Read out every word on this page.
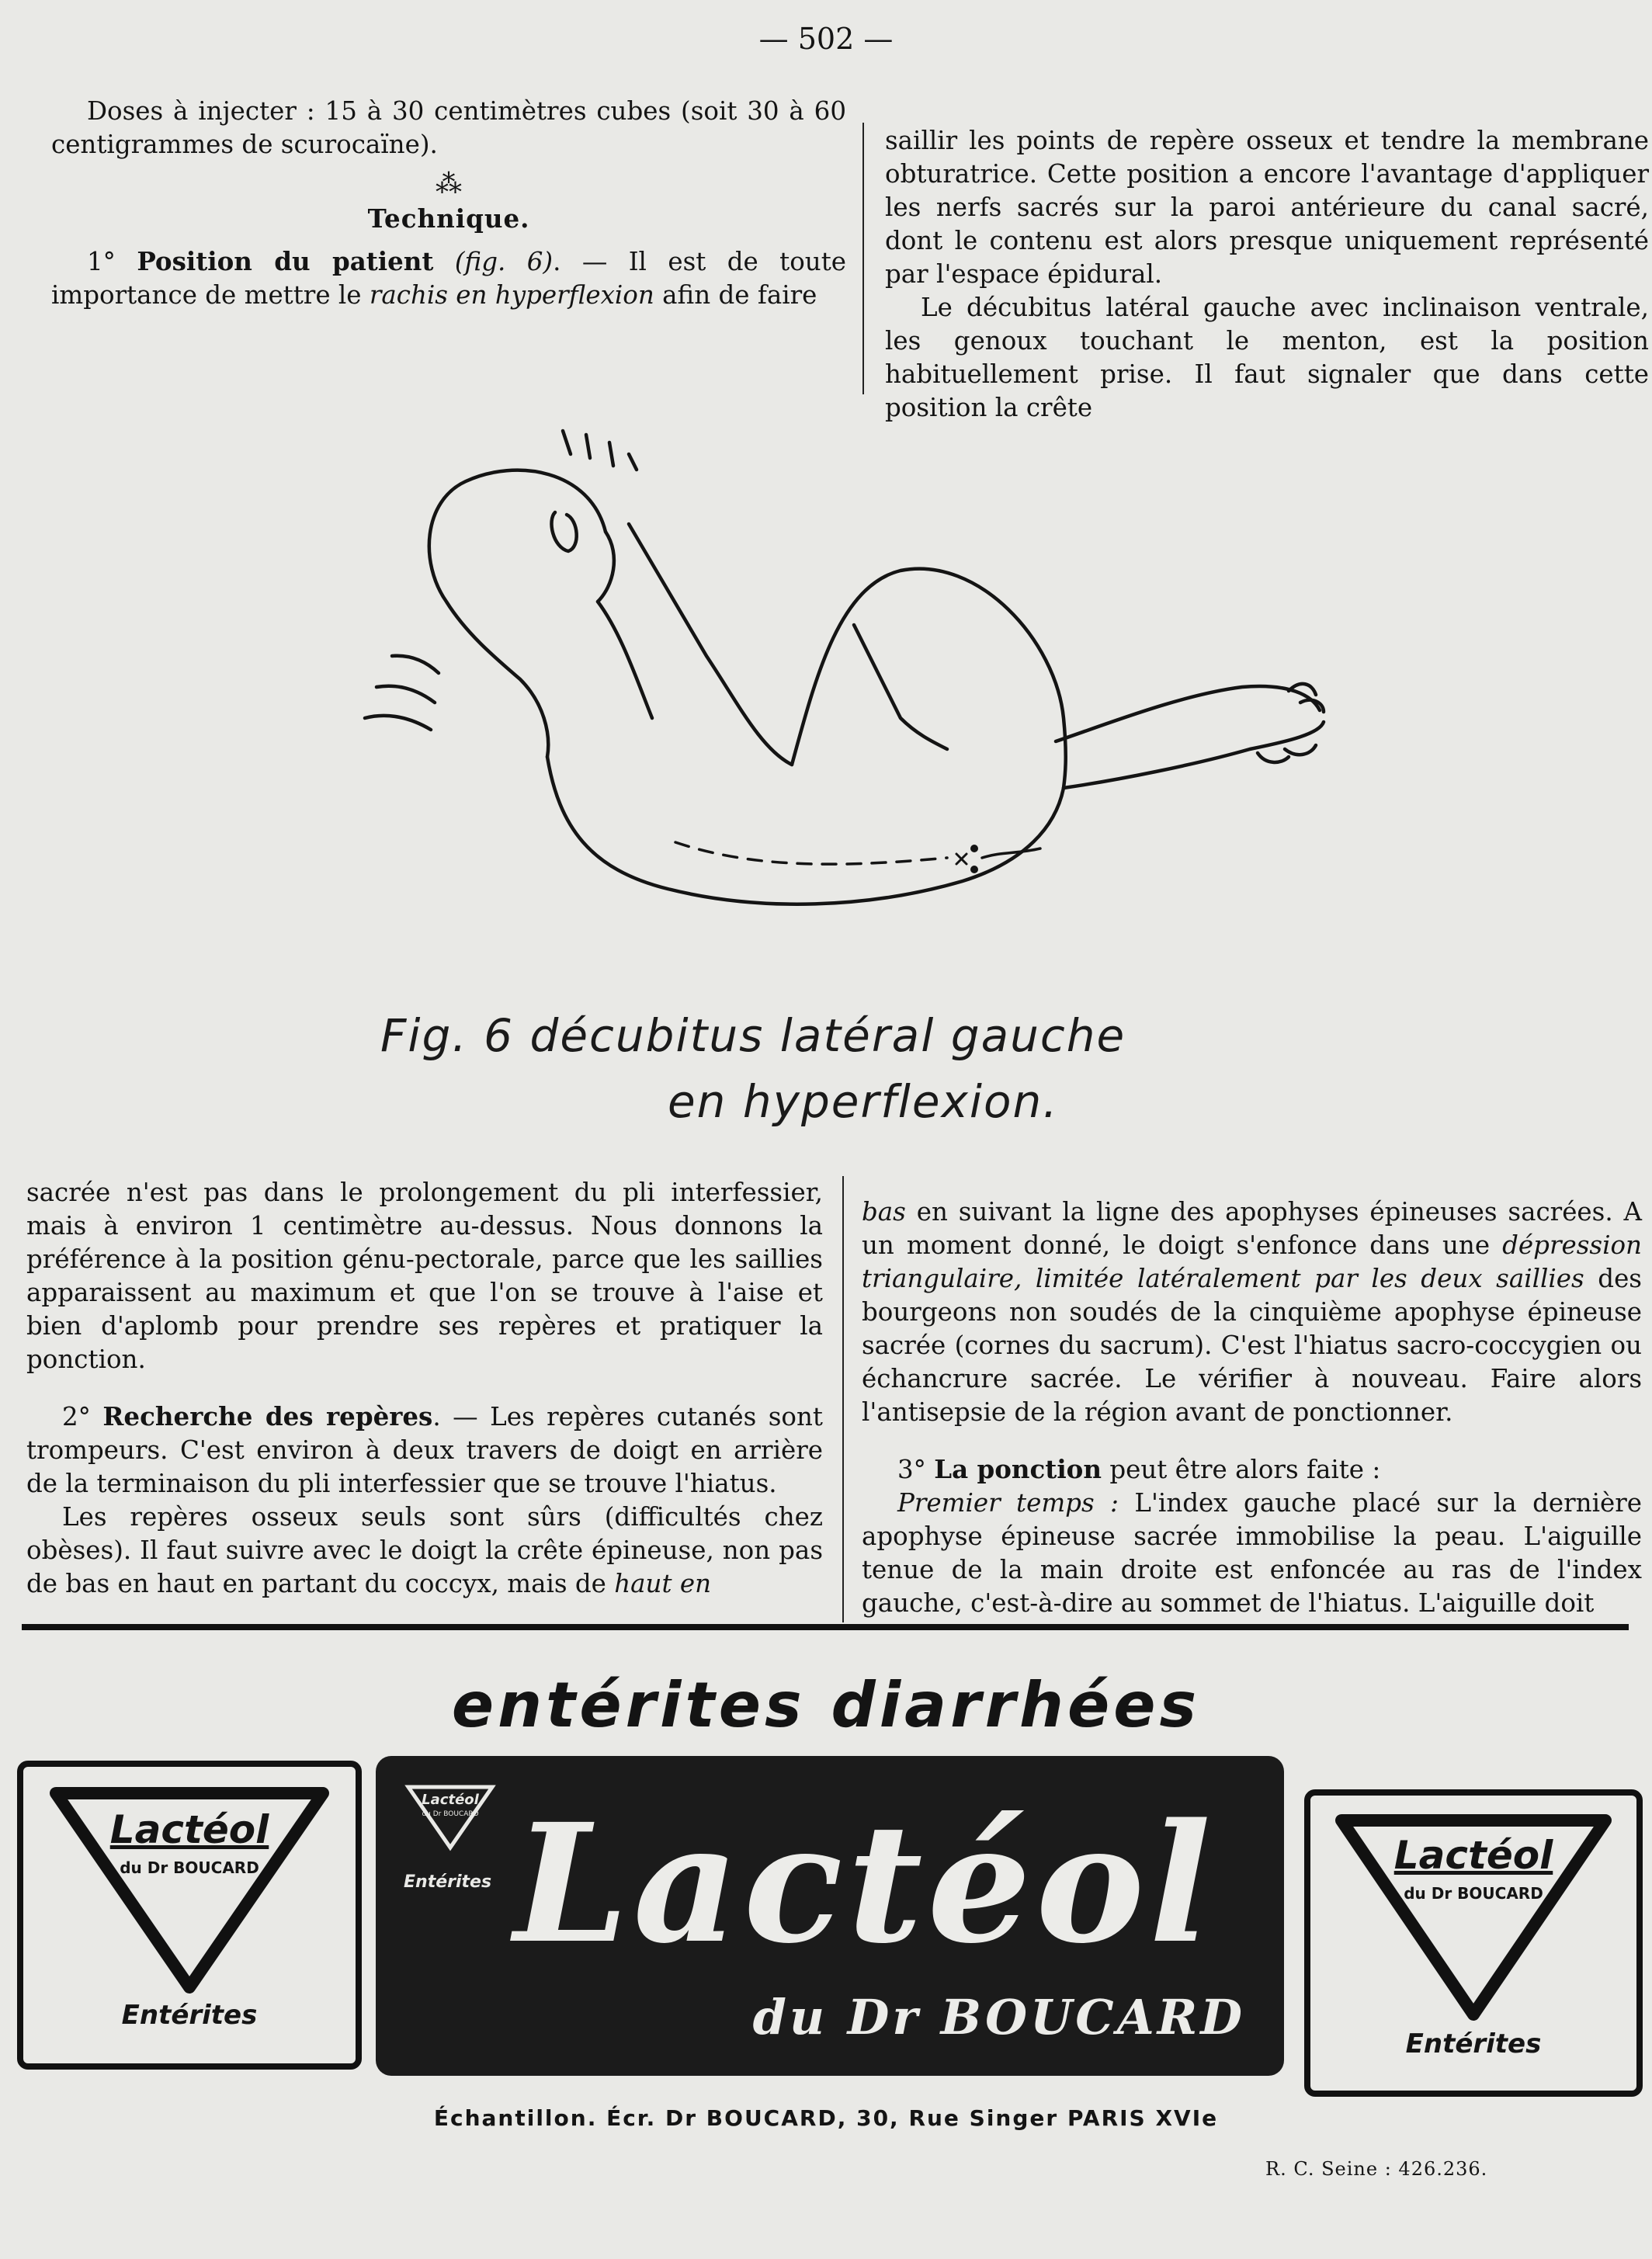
— 502 —

Doses à injecter : 15 à 30 centimètres cubes (soit 30 à 60 centigrammes de scurocaïne).

⁂
Technique.

1° Position du patient (fig. 6). — Il est de toute importance de mettre le rachis en hyperflexion afin de faire

saillir les points de repère osseux et tendre la membrane obturatrice. Cette position a encore l'avantage d'appliquer les nerfs sacrés sur la paroi antérieure du canal sacré, dont le contenu est alors presque uniquement représenté par l'espace épidural.

Le décubitus latéral gauche avec inclinaison ventrale, les genoux touchant le menton, est la position habituellement prise. Il faut signaler que dans cette position la crête

Fig. 6 décubitus latéral gauche
en hyperflexion.

sacrée n'est pas dans le prolongement du pli interfessier, mais à environ 1 centimètre au-dessus. Nous donnons la préférence à la position génu-pectorale, parce que les saillies apparaissent au maximum et que l'on se trouve à l'aise et bien d'aplomb pour prendre ses repères et pratiquer la ponction.

2° Recherche des repères. — Les repères cutanés sont trompeurs. C'est environ à deux travers de doigt en arrière de la terminaison du pli interfessier que se trouve l'hiatus.

Les repères osseux seuls sont sûrs (difficultés chez obèses). Il faut suivre avec le doigt la crête épineuse, non pas de bas en haut en partant du coccyx, mais de haut en

bas en suivant la ligne des apophyses épineuses sacrées. A un moment donné, le doigt s'enfonce dans une dépression triangulaire, limitée latéralement par les deux saillies des bourgeons non soudés de la cinquième apophyse épineuse sacrée (cornes du sacrum). C'est l'hiatus sacro-coccygien ou échancrure sacrée. Le vérifier à nouveau. Faire alors l'antisepsie de la région avant de ponctionner.

3° La ponction peut être alors faite :

Premier temps : L'index gauche placé sur la dernière apophyse épineuse sacrée immobilise la peau. L'aiguille tenue de la main droite est enfoncée au ras de l'index gauche, c'est-à-dire au sommet de l'hiatus. L'aiguille doit

entérites diarrhées
Lactéol
du Dr BOUCARD
Entérites
Lactéol
du Dr BOUCARD
Entérites Lactéol
du Dr BOUCARD
Lactéol
du Dr BOUCARD
Entérites
Échantillon. Écr. Dr BOUCARD, 30, Rue Singer PARIS XVIe
R. C. Seine : 426.236.
